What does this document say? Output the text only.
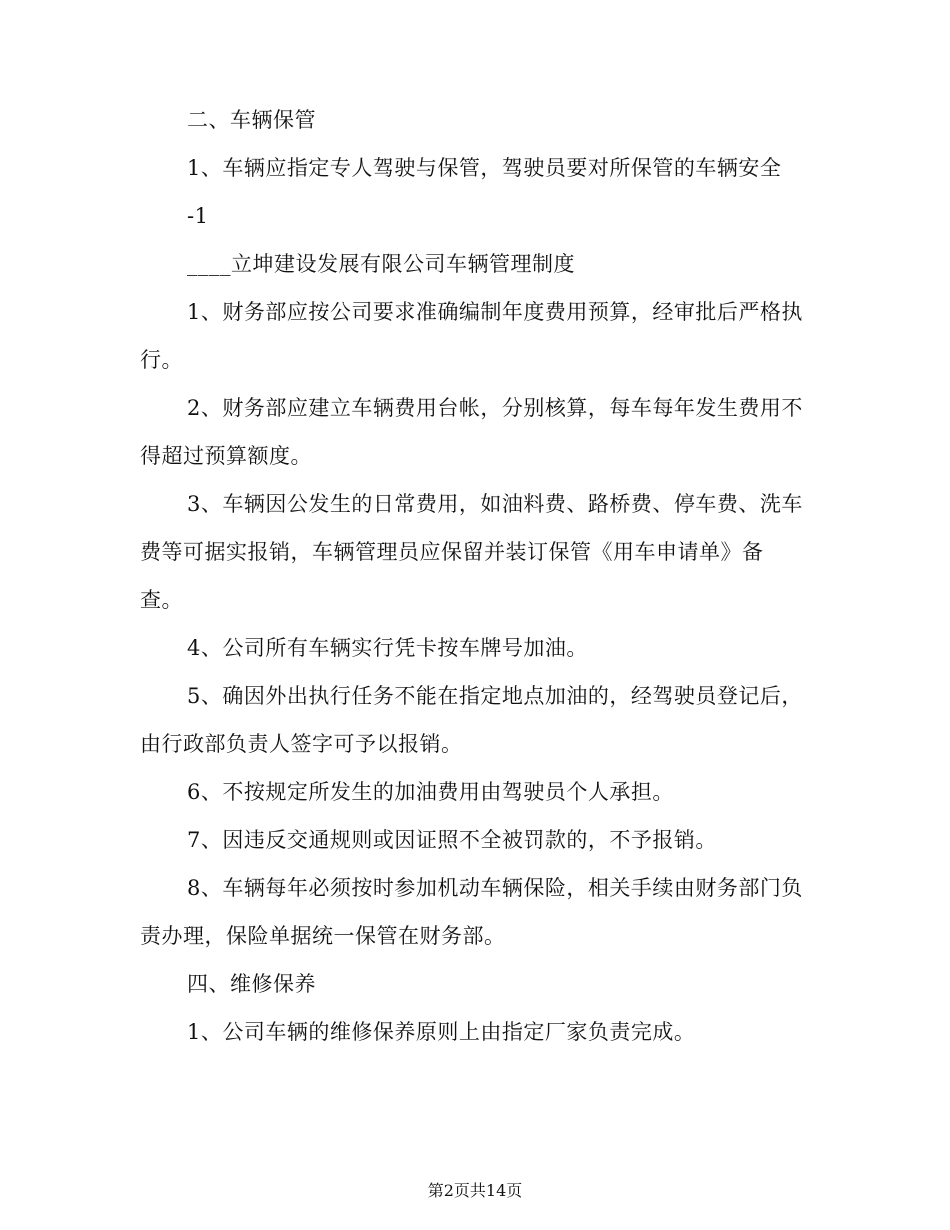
二、车辆保管
1、车辆应指定专人驾驶与保管，驾驶员要对所保管的车辆安全
-1
____立坤建设发展有限公司车辆管理制度
1、财务部应按公司要求准确编制年度费用预算，经审批后严格执
行。
2、财务部应建立车辆费用台帐，分别核算，每车每年发生费用不
得超过预算额度。
3、车辆因公发生的日常费用，如油料费、路桥费、停车费、洗车
费等可据实报销，车辆管理员应保留并装订保管《用车申请单》备
查。
4、公司所有车辆实行凭卡按车牌号加油。
5、确因外出执行任务不能在指定地点加油的，经驾驶员登记后，
由行政部负责人签字可予以报销。
6、不按规定所发生的加油费用由驾驶员个人承担。
7、因违反交通规则或因证照不全被罚款的，不予报销。
8、车辆每年必须按时参加机动车辆保险，相关手续由财务部门负
责办理，保险单据统一保管在财务部。
四、维修保养
1、公司车辆的维修保养原则上由指定厂家负责完成。
第2页共14页
